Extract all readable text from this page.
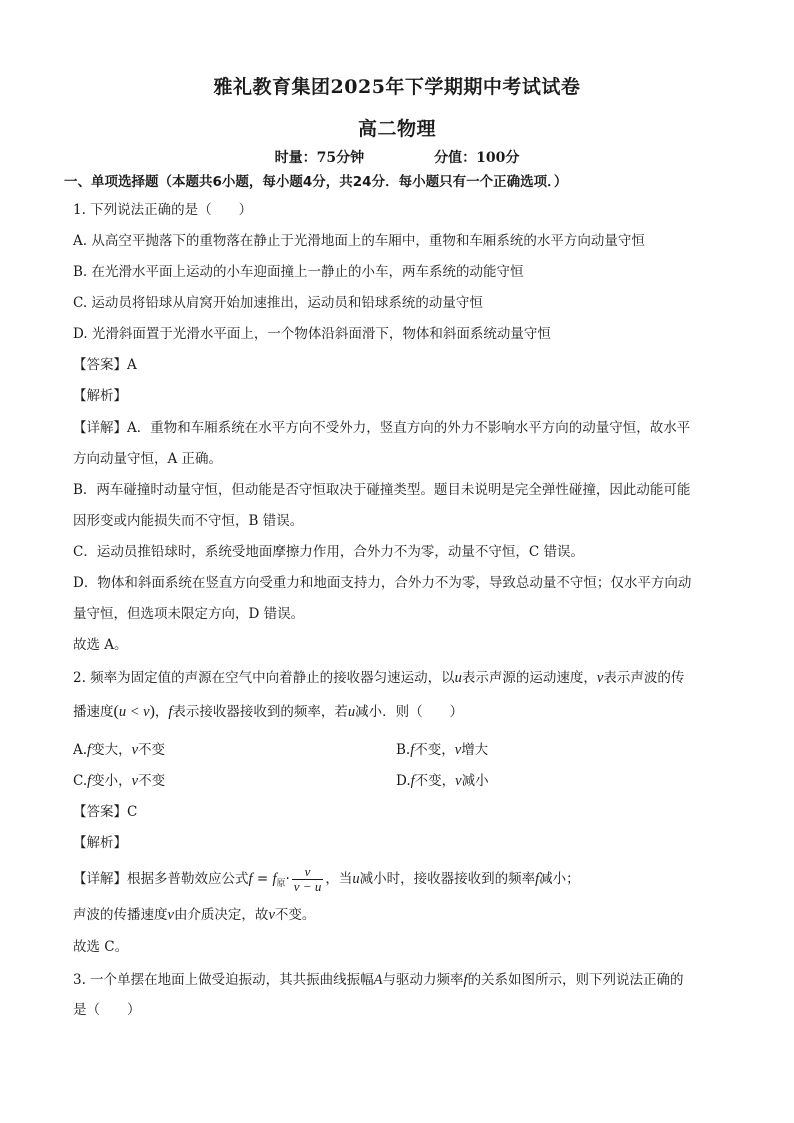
雅礼教育集团2025年下学期期中考试试卷
高二物理
时量：75分钟	分值：100分
一、单项选择题（本题共6小题，每小题4分，共24分．每小题只有一个正确选项．）
1. 下列说法正确的是（　　）
A. 从高空平抛落下的重物落在静止于光滑地面上的车厢中，重物和车厢系统的水平方向动量守恒
B. 在光滑水平面上运动的小车迎面撞上一静止的小车，两车系统的动能守恒
C. 运动员将铅球从肩窝开始加速推出，运动员和铅球系统的动量守恒
D. 光滑斜面置于光滑水平面上，一个物体沿斜面滑下，物体和斜面系统动量守恒
【答案】A
【解析】
【详解】A．重物和车厢系统在水平方向不受外力，竖直方向的外力不影响水平方向的动量守恒，故水平
方向动量守恒，A 正确。
B．两车碰撞时动量守恒，但动能是否守恒取决于碰撞类型。题目未说明是完全弹性碰撞，因此动能可能
因形变或内能损失而不守恒，B 错误。
C．运动员推铅球时，系统受地面摩擦力作用，合外力不为零，动量不守恒，C 错误。
D．物体和斜面系统在竖直方向受重力和地面支持力，合外力不为零，导致总动量不守恒；仅水平方向动
量守恒，但选项未限定方向，D 错误。
故选 A。
2. 频率为固定值的声源在空气中向着静止的接收器匀速运动，以u表示声源的运动速度，v表示声波的传
播速度(u < v)，f表示接收器接收到的频率，若u减小．则（　　）
A.f变大，v不变	B.f不变，v增大
C.f变小，v不变	D.f不变，v减小
【答案】C
【解析】
【详解】根据多普勒效应公式$f = f_原\cdot \frac{v}{v - u}$ ，当u减小时，接收器接收到的频率f减小；
声波的传播速度v由介质决定，故v不变。
故选 C。
3. 一个单摆在地面上做受迫振动，其共振曲线振幅A与驱动力频率f的关系如图所示，则下列说法正确的
是（　　）
